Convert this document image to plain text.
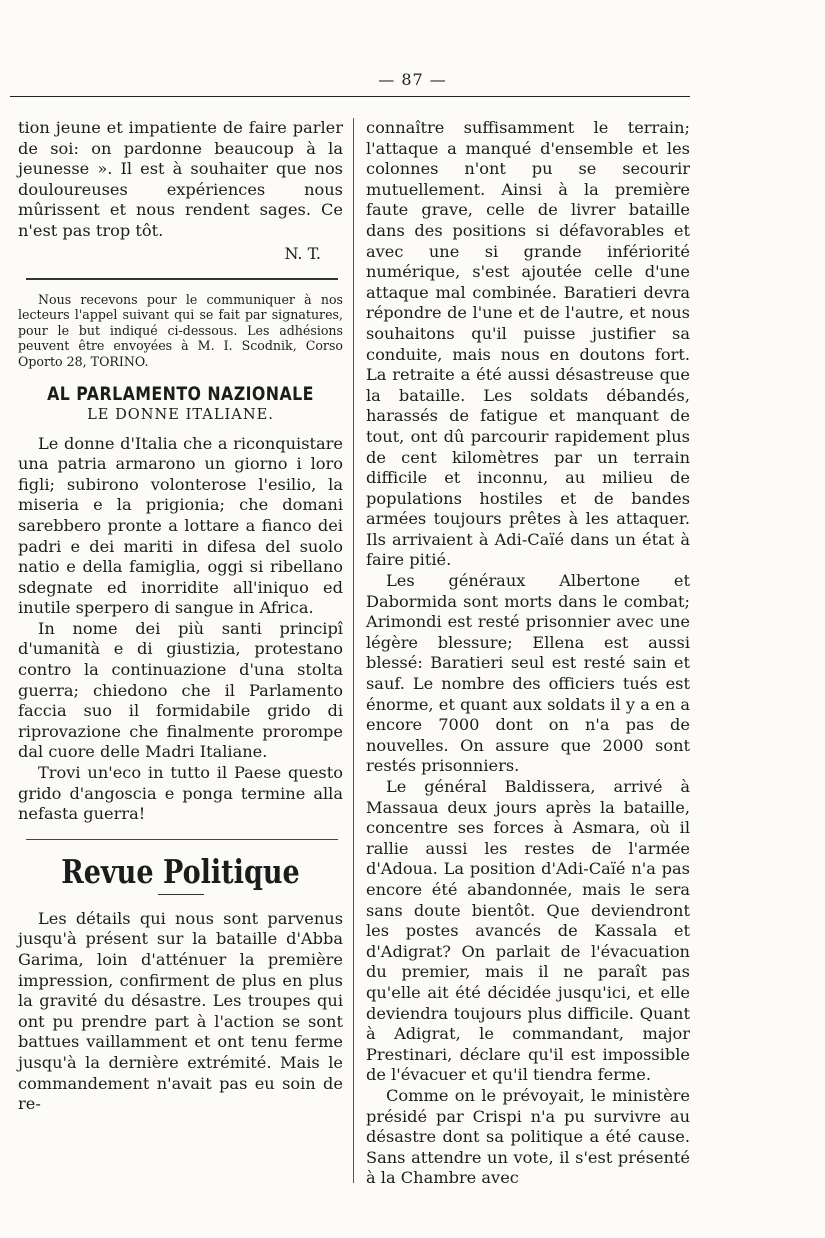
— 87 —

tion jeune et impatiente de faire parler de soi: on pardonne beaucoup à la jeunesse ». Il est à souhaiter que nos douloureuses expériences nous mûrissent et nous rendent sages. Ce n'est pas trop tôt.

N. T.

Nous recevons pour le communiquer à nos lecteurs l'appel suivant qui se fait par signatures, pour le but indiqué ci-dessous. Les adhésions peuvent être envoyées à M. I. Scodnik, Corso Oporto 28, TORINO.

AL PARLAMENTO NAZIONALE
LE DONNE ITALIANE.

Le donne d'Italia che a riconquistare una patria armarono un giorno i loro figli; subirono volonterose l'esilio, la miseria e la prigionia; che domani sarebbero pronte a lottare a fianco dei padri e dei mariti in difesa del suolo natio e della famiglia, oggi si ribellano sdegnate ed inorridite all'iniquo ed inutile sperpero di sangue in Africa.

In nome dei più santi principî d'umanità e di giustizia, protestano contro la continuazione d'una stolta guerra; chiedono che il Parlamento faccia suo il formidabile grido di riprovazione che finalmente prorompe dal cuore delle Madri Italiane.

Trovi un'eco in tutto il Paese questo grido d'angoscia e ponga termine alla nefasta guerra!

Revue Politique

Les détails qui nous sont parvenus jusqu'à présent sur la bataille d'Abba Garima, loin d'atténuer la première impression, confirment de plus en plus la gravité du désastre. Les troupes qui ont pu prendre part à l'action se sont battues vaillamment et ont tenu ferme jusqu'à la dernière extrémité. Mais le commandement n'avait pas eu soin de re-

connaître suffisamment le terrain; l'attaque a manqué d'ensemble et les colonnes n'ont pu se secourir mutuellement. Ainsi à la première faute grave, celle de livrer bataille dans des positions si défavorables et avec une si grande infériorité numérique, s'est ajoutée celle d'une attaque mal combinée. Baratieri devra répondre de l'une et de l'autre, et nous souhaitons qu'il puisse justifier sa conduite, mais nous en doutons fort. La retraite a été aussi désastreuse que la bataille. Les soldats débandés, harassés de fatigue et manquant de tout, ont dû parcourir rapidement plus de cent kilomètres par un terrain difficile et inconnu, au milieu de populations hostiles et de bandes armées toujours prêtes à les attaquer. Ils arrivaient à Adi-Caïé dans un état à faire pitié.

Les généraux Albertone et Dabormida sont morts dans le combat; Arimondi est resté prisonnier avec une légère blessure; Ellena est aussi blessé: Baratieri seul est resté sain et sauf. Le nombre des officiers tués est énorme, et quant aux soldats il y a en a encore 7000 dont on n'a pas de nouvelles. On assure que 2000 sont restés prisonniers.

Le général Baldissera, arrivé à Massaua deux jours après la bataille, concentre ses forces à Asmara, où il rallie aussi les restes de l'armée d'Adoua. La position d'Adi-Caïé n'a pas encore été abandonnée, mais le sera sans doute bientôt. Que deviendront les postes avancés de Kassala et d'Adigrat? On parlait de l'évacuation du premier, mais il ne paraît pas qu'elle ait été décidée jusqu'ici, et elle deviendra toujours plus difficile. Quant à Adigrat, le commandant, major Prestinari, déclare qu'il est impossible de l'évacuer et qu'il tiendra ferme.

Comme on le prévoyait, le ministère présidé par Crispi n'a pu survivre au désastre dont sa politique a été cause. Sans attendre un vote, il s'est présenté à la Chambre avec
